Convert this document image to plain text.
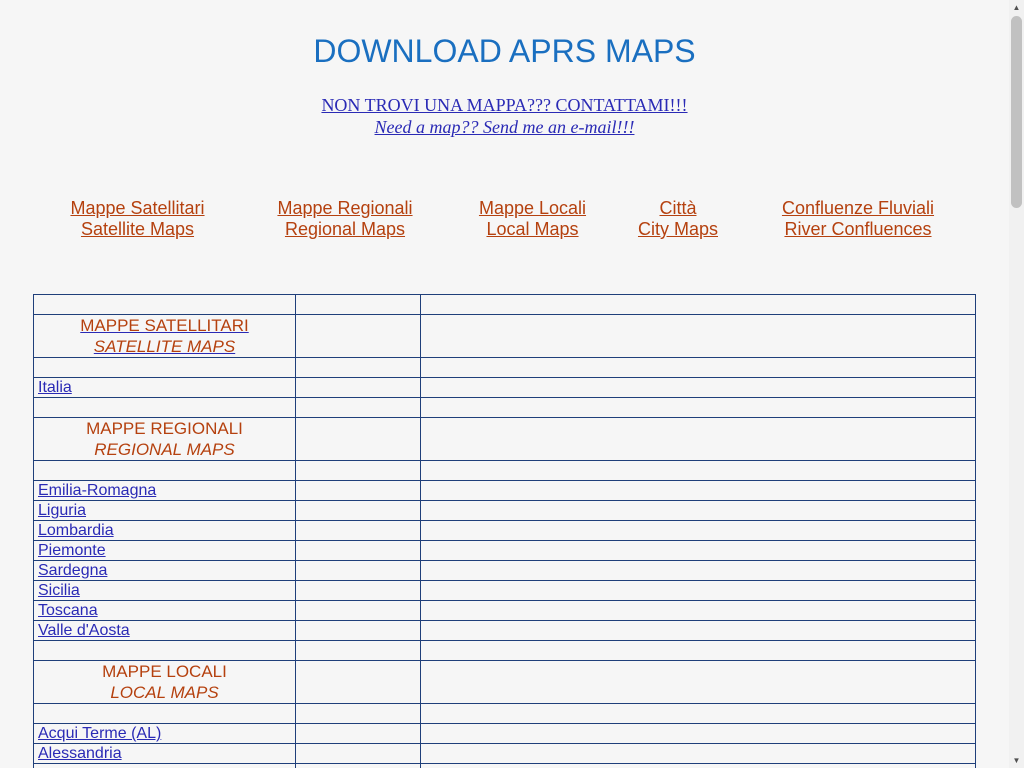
DOWNLOAD APRS MAPS
NON TROVI UNA MAPPA??? CONTATTAMI!!!
Need a map?? Send me an e-mail!!!
Mappe Satellitari
Satellite Maps
Mappe Regionali
Regional Maps
Mappe Locali
Local Maps
Città
City Maps
Confluenze Fluviali
River Confluences

MAPPE SATELLITARI
SATELLITE MAPS		

Italia		

MAPPE REGIONALI
REGIONAL MAPS		

Emilia-Romagna		
Liguria		
Lombardia		
Piemonte		
Sardegna		
Sicilia		
Toscana		
Valle d'Aosta		

MAPPE LOCALI
LOCAL MAPS		

Acqui Terme (AL)		
Alessandria		

▲
▼
